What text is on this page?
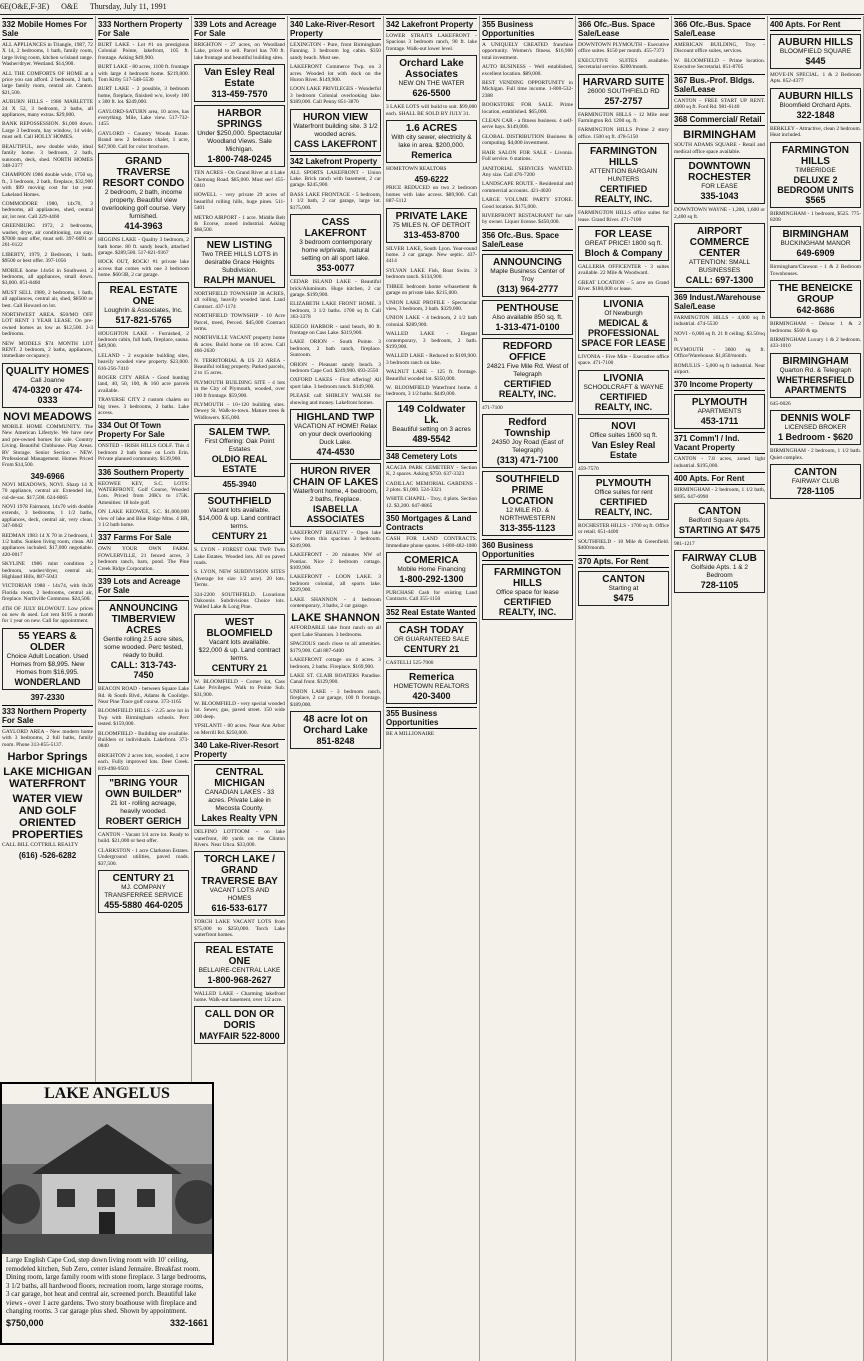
6E(O&E,F-3E) O&E Thursday, July 11, 1991
332 Mobile Homes For Sale
ALL APPLIANCES in Triangle, 1987, 72 X 14, 2 bedrooms, 1 bath, family room, large living room, kitchen w/island range. Washer/dryer. Westland. $14,900.
ALL THE COMFORTS OF HOME at a price you can afford. 2 bedroom, 2 bath, large family room, central air. Canton. $21,500.
AUBURN HILLS - 1986 MARLETTE 24 X 52, 3 bedroom, 2 baths, all appliances, many extras. $29,000.
BANK REPOSSESSION. $1,000 down. Large 3 bedroom, bay window, 14 wide, must sell. Call HOLLY HOMES.
BEAUTIFUL, new double wide, ideal family home. 3 bedroom, 2 bath, sunroom, deck, shed. NORTH HOMES 348-2377
CHAMPION 1986 double wide, 1750 sq. ft., 3 bedroom, 2 bath, fireplace, $32,900 with $99 moving cost for 1st year. Lakeland Homes.
COMMODORE 1980, 14x70, 3 bedrooms, all appliances, shed, central air, lot rent. Call 229-4460
GREENBURG 1972, 2 bedrooms, washer, dryer, air conditioning, can stay. $7000 must offer, must sell. 397-6691 or 261-0122
LIBERTY, 1979, 2 Bedroom, 1 bath. $9500 or best offer. 397-1056
MOBILE home 14x64 in Southwest. 2 bedrooms, all appliances, small down. $3,000. 851-8460
MUST SELL 1980, 2 bedrooms, 1 bath, all appliances, central air, shed, $8500 or best. Call Howard on lot.
NORTHWEST AREA. $50/MO OFF LOT RENT 1 YEAR LEASE. On pre-owned homes as low as $12,500. 2-3 bedrooms.
NEW MODELS $74 MONTH LOT RENT. 2 bedroom, 2 baths, appliances, immediate occupancy.
QUALITY HOMES
Call Joanne
474-0320 or 474-0333
NOVI MEADOWS
MOBILE HOME COMMUNITY. The New American Lifestyle. We have new and pre-owned homes for sale. Country Living. Beautiful Clubhouse. Play Areas. RV Storage. Senior Section - NEW. Professional Management. Homes Priced From $14,500.
349-6966
NOVI MEADOWS, NOVI. Sharp 14 X 70 appliance, central air. Extended lot, cul-de-sac. $17,500. 624-8065
NOVI 1978 Fairmont, 14x70 with double extends, 3 bedrooms, 1 1/2 baths, appliances, deck, central air, very clean. 347-0042
REDMAN 1983 14 X 70 in 2 bedroom, 1 1/2 baths. Sunken living room, clean. All appliances included. $17,000 negotiable. 420-0017
SKYLINE 1986 mint condition 2 bedroom, washer/dryer, central air, Highland Hills, 887-5043
VICTORIAN 1988 - 14x74, with 8x36 Florida room, 2 bedrooms, central air, fireplace. Northville Commons. $24,500.
4TH OF JULY BLOWOUT. Low prices on new & used. Lot rent $195 a month for 1 year on new. Call for appointment.
55 YEARS & OLDER
Choice Adult Location. Used Homes from $8,995. New Homes from $16,995.
WONDERLAND
397-2330
333 Northern Property For Sale
GAYLORD AREA - New modern home with 3 bedrooms, 2 full baths, family room. Phone 313-855-5137.
Harbor Springs
LAKE MICHIGAN WATERFRONT
WATER VIEW AND GOLF ORIENTED PROPERTIES
CALL BILL COTTRILL REALTY
(616) -526-6282
333 Northern Property For Sale
BURT LAKE - Lot #1 on prestigious Colonial Pointe, lakefront, 105 ft. frontage. Asking $49,900.
BURT LAKE - 80 acres, 1100 ft. frontage with large 4 bedroom home. $219,000. Tom Kirby 517-548-5530
BURT LAKE - 2 possible, 3 bedroom home, fireplace, finished w/o, lovely 100 x 300 ft. lot. $249,000.
GAYLORD-SATURN area, 10 acres, has everything. Mile, Lake view. 517-732-1455
GAYLORD - Country Woods Estate. Brand new 2 bedroom chalet, 1 acre, $47,900. Call for color brochure.
GRAND TRAVERSE RESORT CONDO
2 bedroom, 2 bath, income property. Beautiful view overlooking golf course. Very furnished.
414-3963
HIGGINS LAKE - Quality 3 bedroom, 2 bath home. 80 ft. sandy beach, attached garage. $289,500. 517-821-9367
HOCK OUT, ROCK! #1 private lake access that comes with one 3 bedroom home. $60/3B, 2 car garage.
REAL ESTATE ONE
Loughrin & Associates, Inc.
517-821-5765
HOUGHTON LAKE - Furnished, 2 bedroom cabin, full bath, fireplace, sauna. $49,900.
LELAND - 2 exquisite building sites, heavily wooded view property. $23,000. 616-256-7410
ROGER CITY AREA - Good hunting land, 40, 50, 100, & 160 acre parcels available.
TRAVERSE CITY 2 custom chalets on big trees. 3 bedrooms, 2 baths. Lake access.
334 Out Of Town Property For Sale
ONSTED - IRISH HILLS GOLF. This 4 bedroom 2 bath home on Loch Erin. Private planned community. $139,900.
336 Southern Property
KEOWEE KEY, S.C. LOTS: WATERFRONT, Golf Course, Wooded Lots. Priced from 20K's to 175K. Amenities: 18 hole golf.
ON LAKE KEOWEE, S.C. $1,000,000 view of lake and Blue Ridge Mtns. 4 BR, 3 1/2 bath home.
337 Farms For Sale
OWN YOUR OWN FARM. FOWLERVILLE, 21 fenced acres, 3 bedroom ranch, barn, pond. The Pine Creek Ridge Corporation.
339 Lots and Acreage For Sale
ANNOUNCING TIMBERVIEW ACRES
Gentle rolling 2.5 acre sites, some wooded. Perc tested, ready to build.
CALL: 313-743-7450
BEACON ROAD - between Square Lake Rd. & South Blvd., Adams & Coolidge. Near Pine Trace golf course. 373-1165
BLOOMFIELD HILLS - 2.25 acre lot in Twp with Birmingham schools. Perc tested. $159,000.
BLOOMFIELD - Building site available. Builders or individuals. Lakefront. 373-0840
BRIGHTON 2 acres lots, wooded, 1 acre each. Fully improved lots. Deer Creek. 819-498-9503
"BRING YOUR OWN BUILDER"
21 lot - rolling acreage, heavily wooded.
ROBERT GERICH
CANTON - Vacant 1/4 acre lot. Ready to build. $21,000 or best offer.
CLARKSTON - 1 acre Clarkston Estates. Underground utilities, paved roads. $37,500.
CENTURY 21
MJ. COMPANY TRANSFERREE SERVICE
455-5880 464-0205
339 Lots and Acreage For Sale
BRIGHTON - 27 acres, on Woodland Lake, priced to sell. Parcel has 700 ft. lake frontage and beautiful building sites.
Van Esley Real Estate
313-459-7570
HARBOR SPRINGS
Under $250,000. Spectacular Woodland Views. Sale Michigan.
1-800-748-0245
TEN ACRES - On Grand River at 4 Lake Chemung Road. $85,000. Must see! 455-0810
HOWELL - very private 29 acres of beautiful rolling hills, huge pines. 511-5401
METRO AIRPORT - 1 acre. Middle Belt & Ecorse, zoned industrial. Asking $68,500.
NEW LISTING
Two TREE HILLS LOTS in desirable Grace Heights Subdivision.
RALPH MANUEL
NORTHFIELD TOWNSHIP 38 ACRES, all rolling, heavily wooded land. Land Contract. 437-1174
NORTHFIELD TOWNSHIP - 10 Acre Parcel, treed, Perced. $45,000 Contract terms.
NORTHVILLE VACANT property home & acres. Build home on 10 acres. Call 466-2630
N. TERRITORIAL & US 23 AREA - Beautiful rolling property. Parked parcels, 2 to 15 acres.
PLYMOUTH BUILDING SITE - 4 lots in the City of Plymouth, wooded, over 100 ft frontage. $59,900.
PLYMOUTH - 10+120 building sites. Dewey St. Walk-to-town. Mature trees & Wildlowers. $35,000.
SALEM TWP.
First Offering: Oak Point Estates
OLDIO REAL ESTATE
455-3940
SOUTHFIELD
Vacant lots available. $14,000 & up. Land contract terms.
CENTURY 21
S. LYON - FOREST OAK TWP. Twin Lake Estates. Wooded lots. All on paved roads.
S. LYON, NEW SUBDIVISION SITES (Average lot size 1/2 acre). 20 lots. Terms.
324-2200 SOUTHFIELD. Luxurious Dakoonis Subdivisions Choice lots. Walled Lake & Long Pine.
WEST BLOOMFIELD
Vacant lots available. $22,000 & up. Land contract terms.
CENTURY 21
W. BLOOMFIELD - Corner lot, Cass Lake Privileges. Walk to Pointe Sub. $31,900.
W. BLOOMFIELD - very special wooded lot. Sewer, gas, paved street. 150 wide 300 deep.
YPSILANTI - 80 acres. Near Ann Arbor on Merrill Rd. $250,000.
340 Lake-River-Resort Property
CENTRAL MICHIGAN
CANADIAN LAKES - 33 acres. Private Lake in Mecosta County.
Lakes Realty VPN
DELFINO LOTTOOM - on lake waterfront, 80 yards on the Clinton Rivers. Near Utica. $33,000.
TORCH LAKE / GRAND TRAVERSE BAY
VACANT LOTS AND HOMES
616-533-6177
TORCH LAKE VACANT LOTS from $75,000 to $250,000. Torch Lake waterfront homes.
REAL ESTATE ONE
BELLAIRE-CENTRAL LAKE
1-800-968-2627
WALLED LAKE - Charming lakefront home. Walk-out basement, over 1/2 acre.
CALL DON OR DORIS
MAYFAIR 522-8000
340 Lake-River-Resort Property
LEXINGTON - Pure, front Birmingham Fanning. 3 bedroom log cabin. $350 sandy beach. Must see.
LAKEFRONT Commerce Twp. on 3 acres. Wooded lot with dock on the Huron River. $149,900.
LOON LAKE PRIVILEGES - Wonderful 3 bedroom Colonial overlooking lake. $189,000. Call Penny 851-3870
HURON VIEW
Waterfront building site. 3 1/2 wooded acres.
CASS LAKEFRONT
342 Lakefront Property
ALL SPORTS LAKEFRONT - Union Lake. Brick ranch with basement, 2 car garage. $245,900.
BASS LAKE FRONTAGE - 5 bedroom, 1 1/2 bath, 2 car garage, large lot. $175,000.
CASS LAKEFRONT
3 bedroom contemporary home w/private, natural setting on all sport lake.
353-0077
CEDAR ISLAND LAKE - Beautiful brick/Aluminum. Huge kitchen, 2 car garage. $199,900.
ELIZABETH LAKE FRONT HOME. 3 bedroom, 3 1/2 baths. 1700 sq ft. Call 363-3378
KEEGO HARBOR - sand beach, 80 ft. frontage on Cass Lake. $319,900.
LAKE ORION - South Pointe. 3 bedroom, 2 bath ranch, fireplace. Sunroom.
ORION - Pleasant sandy beach. 3 bedroom Cape Cod. $249,900. 693-2550
OXFORD LAKES - First offering! All sport lake. 3 bedroom ranch. $149,900.
PLEASE call SHIRLEY WALSH for showing and money. Lakefront homes.
HIGHLAND TWP
VACATION AT HOME! Relax on your deck overlooking Duck Lake.
474-4530
HURON RIVER CHAIN OF LAKES
Waterfront home, 4 bedroom, 2 baths, fireplace.
ISABELLA ASSOCIATES
LAKEFRONT BEAUTY - Open lake view from this spacious 3 bedroom. $249,900.
LAKEFRONT - 20 minutes NW of Pontiac. Nice 2 bedroom cottage. $109,900.
LAKEFRONT - LOON LAKE. 3 bedroom colonial, all sports lake. $229,900.
LAKE SHANNON - 4 bedroom contemporary, 3 baths, 2 car garage.
LAKE SHANNON
AFFORDABLE lake front ranch on all sport Lake Shannon. 3 bedrooms.
SPACIOUS ranch close to all amenities. $179,900. Call 887-6400
LAKEFRONT cottage on 4 acres. 3 bedroom, 2 baths. Fireplace. $169,900.
LAKE ST. CLAIR BOATERS Paradise. Canal front. $129,900.
UNION LAKE - 3 bedroom ranch, fireplace, 2 car garage, 100 ft frontage. $189,000.
48 acre lot on Orchard Lake
851-8248
342 Lakefront Property
LOWER STRAITS LAKEFRONT - Spacious 3 bedroom ranch, 90 ft. lake frontage. Walk-out lower level.
Orchard Lake Associates
NEW ON THE WATER
626-5500
3 LAKE LOTS will build to suit. $99,000 each. SHALL BE SOLD BY JULY 31.
1.6 ACRES
With city sewer, electricity & lake in area. $200,000.
Remerica
HOMETOWN REALTORS
459-6222
PRICE REDUCED on two 2 bedroom homes with lake access. $89,900. Call 887-5112
PRIVATE LAKE
75 MILES N. OF DETROIT
313-453-8700
SILVER LAKE, South Lyon. Year-round home. 2 car garage. New septic. 437-4414
SYLVAN LAKE Fish, Boat Swim. 3 bedroom ranch. $134,900.
THREE bedroom home w/basement & garage on private lake. $215,000.
UNION LAKE PROFILE - Spectacular view, 3 bedroom, 3 bath. $329,000.
UNION LAKE - 4 bedroom, 2 1/2 bath colonial. $289,900.
WALLED LAKE - Elegant contemporary, 3 bedroom, 2 bath. $199,900.
WALLED LAKE - Reduced to $109,900. 3 bedroom ranch on lake.
WALNUT LAKE - 125 ft. frontage. Beautiful wooded lot. $350,000.
W. BLOOMFIELD Waterfront home. 4 bedroom, 3 1/2 baths. $449,000.
149 Coldwater Lk.
Beautiful setting on 3 acres
489-5542
348 Cemetery Lots
ACACIA PARK CEMETERY - Section K, 2 spaces. Asking $750. 637-3323
CADILLAC MEMORIAL GARDENS - 2 plots. $1,000. 524-3321
WHITE CHAPEL - Troy, 4 plots. Section 12. $3,200. 647-8865
350 Mortgages & Land Contracts
CASH FOR LAND CONTRACTS. Immediate phone quotes. 1-800-482-1080
COMERICA
Mobile Home Financing
1-800-292-1300
PURCHASE Cash for existing Land Contracts. Call 355-1150
352 Real Estate Wanted
CASH TODAY
OR GUARANTEED SALE
CENTURY 21
CASTELLI 525-7900
Remerica
HOMETOWN REALTORS
420-3400
355 Business Opportunities
BE A MILLIONAIRE
355 Business Opportunities
A UNIQUELY CREATED franchise opportunity. Women's fitness. $16,900 total investment.
AUTO BUSINESS - Well established, excellent location. $89,000.
BEST VENDING OPPORTUNITY in Michigan. Full time income. 1-800-532-2388
BOOKSTORE FOR SALE. Prime location, established. $65,000.
CLEAN CAR - a fitness business. 4 self-serve bays. $149,000.
GLOBAL DISTRIBUTION Business & computing. $4,000 investment.
HAIR SALON FOR SALE - Livonia. Full service. 6 stations.
JANITORIAL SERVICES WANTED. Any size. Call 476-7200
LANDSCAPE ROUTE - Residential and commercial accounts. 421-4020
LARGE VOLUME PARTY STORE. Good location. $175,000.
RIVERFRONT RESTAURANT for sale by owner. Liquor license. $450,000.
356 Ofc.-Bus. Space Sale/Lease
ANNOUNCING
Maple Business Center of Troy
(313) 964-2777
PENTHOUSE
Also available 850 sq. ft.
1-313-471-0100
REDFORD OFFICE
24821 Five Mile Rd. West of Telegraph
CERTIFIED REALTY, INC.
471-7100
Redford Township
24350 Joy Road (East of Telegraph)
(313) 471-7100
SOUTHFIELD PRIME LOCATION
12 MILE RD. & NORTHWESTERN
313-355-1123
360 Business Opportunities
FARMINGTON HILLS
Office space for lease
CERTIFIED REALTY, INC.
366 Ofc.-Bus. Space Sale/Lease
DOWNTOWN PLYMOUTH - Executive office suites. $150 per month. 455-7373
EXECUTIVE SUITES available. Secretarial service. $200/month.
HARVARD SUITE
26000 SOUTHFIELD RD
257-2757
FARMINGTON HILLS - 12 Mile near Farmington Rd. 1200 sq. ft.
FARMINGTON HILLS Prime 2 story office. 1500 sq ft. 478-5150
FARMINGTON HILLS
ATTENTION BARGAIN HUNTERS
CERTIFIED REALTY, INC.
FARMINGTON HILLS office suites for lease. Grand River. 471-7100
FOR LEASE
GREAT PRICE! 1800 sq ft.
Bloch & Company
GALLERIA OFFICENTER - 3 suites available. 22 Mile & Woodward.
GREAT LOCATION - 5 acre on Grand River. $180,000 or lease.
LIVONIA
Of Newburgh
MEDICAL & PROFESSIONAL SPACE FOR LEASE
LIVONIA - Five Mile - Executive office space. 471-7100
LIVONIA
SCHOOLCRAFT & WAYNE
CERTIFIED REALTY, INC.
NOVI
Office suites 1600 sq ft.
Van Esley Real Estate
459-7570
PLYMOUTH
Office suites for rent
CERTIFIED REALTY, INC.
ROCHESTER HILLS - 1700 sq ft. Office or retail. 651-4400
SOUTHFIELD - 10 Mile & Greenfield. $400/month.
370 Apts. For Rent
CANTON
Starting at
$475
366 Ofc.-Bus. Space Sale/Lease
AMERICAN BUILDING, Troy - Discount office suites, services.
W. BLOOMFIELD - Prime location. Executive Secretarial. 851-8705
367 Bus.-Prof. Bldgs. Sale/Lease
CANTON - FREE START UP RENT. 4000 sq ft. Ford Rd. 981-6140
368 Commercial/ Retail
BIRMINGHAM
SOUTH ADAMS SQUARE - Retail and medical office space available.
DOWNTOWN ROCHESTER
FOR LEASE
335-1043
DOWNTOWN WAYNE - 1,200, 1,600 or 2,400 sq ft.
AIRPORT COMMERCE CENTER
ATTENTION: SMALL BUSINESSES
CALL: 697-1300
369 Indust./Warehouse Sale/Lease
FARMINGTON HILLS - 4,000 sq ft industrial. 474-5530
NOVI - 6,000 sq ft. 21 ft ceiling. $3.50/sq ft.
PLYMOUTH - 3600 sq ft. Office/Warehouse. $1,850/month.
ROMULUS - 5,000 sq ft industrial. Near airport.
370 Income Property
PLYMOUTH
APARTMENTS
453-1711
371 Comm'l / Ind. Vacant Property
CANTON - 7.8 acres, zoned light industrial. $195,000.
400 Apts. For Rent
BIRMINGHAM - 2 bedroom, 1 1/2 bath, $695. 647-6990
CANTON
Bedford Square Apts.
STARTING AT $475
981-1217
FAIRWAY CLUB
Golfside Apts. 1 & 2 Bedroom
728-1105
400 Apts. For Rent
AUBURN HILLS
BLOOMFIELD SQUARE
$445
MOVE-IN SPECIAL. 1 & 2 Bedroom Apts. 852-4377
AUBURN HILLS
Bloomfield Orchard Apts.
322-1848
BERKLEY - Attractive, clean 2 bedroom. Heat included.
FARMINGTON HILLS
TIMBERIDGE
DELUXE 2 BEDROOM UNITS $565
BIRMINGHAM - 1 bedroom, $525. 775-8208
BIRMINGHAM
BUCKINGHAM MANOR
649-6909
Birmingham/Clawson - 1 & 2 Bedroom Townhouses.
THE BENEICKE GROUP
642-8686
BIRMINGHAM - Deluxe 1 & 2 bedrooms. $560 & up.
BIRMINGHAM Luxury 1 & 2 bedroom. 433-1010
BIRMINGHAM
Quarton Rd. & Telegraph
WHETHERSFIELD APARTMENTS
645-0026
DENNIS WOLF
LICENSED BROKER
1 Bedroom - $620
BIRMINGHAM - 2 bedroom, 1 1/2 bath. Quiet complex.
CANTON
FAIRWAY CLUB
728-1105
LAKE ANGELUS
Large English Cape Cod, step down living room with 10' ceiling, remodeled kitchen, Sub Zero, center island Jennaire. Breakfast room. Dining room, large family room with stone fireplace. 3 large bedrooms, 3 1/2 baths, all hardwood floors, recreation room, large storage rooms, 3 car garage, hot heat and central air, screened porch. Beautiful lake views - over 1 acre gardens. Two story boathouse with fireplace and changing rooms. 3 car garage plus shed. Shown by appointment.
$750,000	332-1661
